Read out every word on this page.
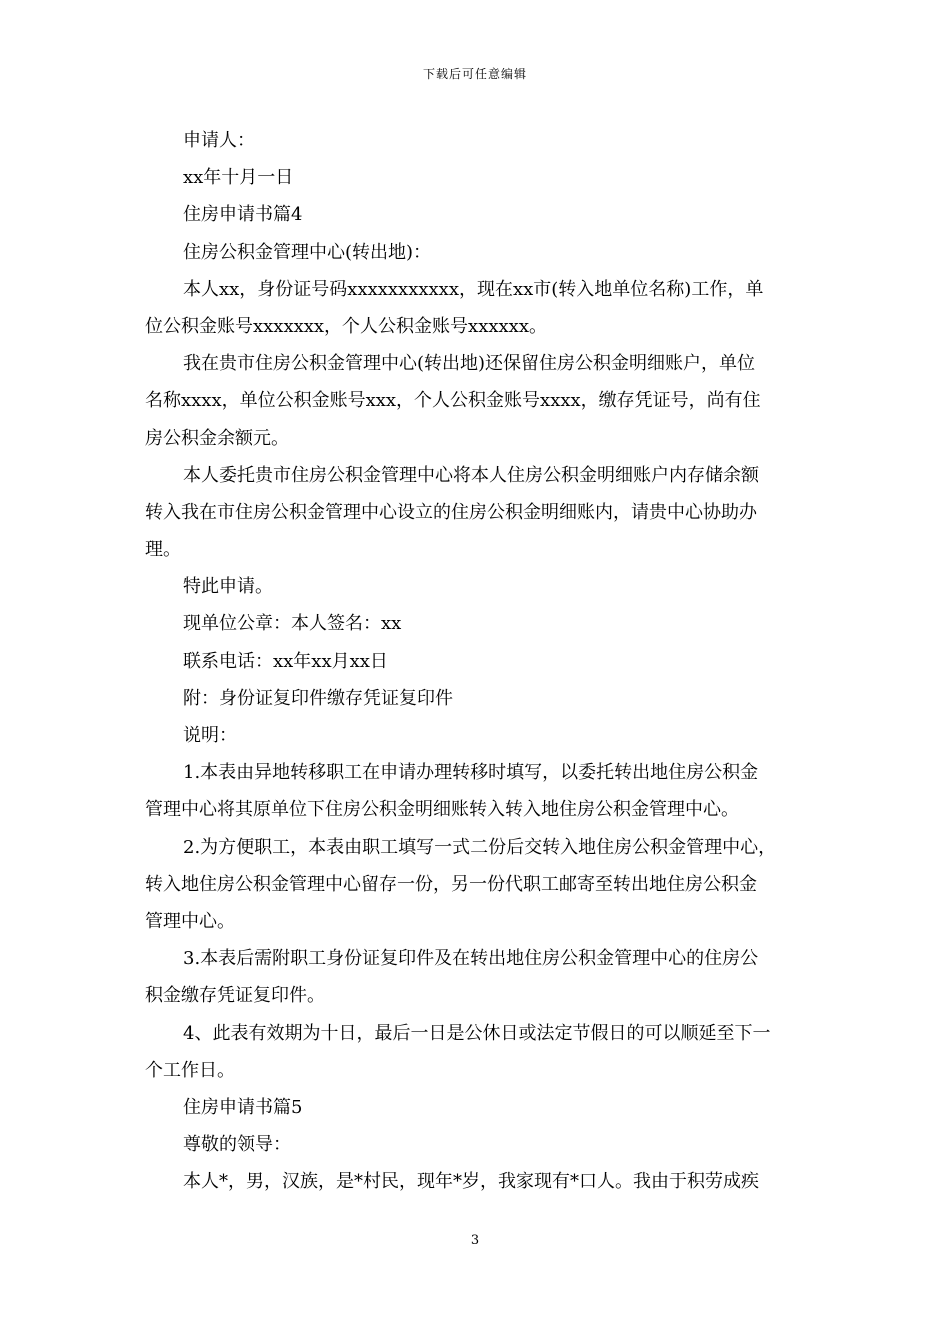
下载后可任意编辑
申请人：
xx年十月一日
住房申请书篇4
住房公积金管理中心(转出地)：
本人xx，身份证号码xxxxxxxxxxx，现在xx市(转入地单位名称)工作，单
位公积金账号xxxxxxx，个人公积金账号xxxxxx。
我在贵市住房公积金管理中心(转出地)还保留住房公积金明细账户，单位
名称xxxx，单位公积金账号xxx，个人公积金账号xxxx，缴存凭证号，尚有住
房公积金余额元。
本人委托贵市住房公积金管理中心将本人住房公积金明细账户内存储余额
转入我在市住房公积金管理中心设立的住房公积金明细账内，请贵中心协助办
理。
特此申请。
现单位公章：本人签名：xx
联系电话：xx年xx月xx日
附：身份证复印件缴存凭证复印件
说明：
1.本表由异地转移职工在申请办理转移时填写，以委托转出地住房公积金
管理中心将其原单位下住房公积金明细账转入转入地住房公积金管理中心。
2.为方便职工，本表由职工填写一式二份后交转入地住房公积金管理中心，
转入地住房公积金管理中心留存一份，另一份代职工邮寄至转出地住房公积金
管理中心。
3.本表后需附职工身份证复印件及在转出地住房公积金管理中心的住房公
积金缴存凭证复印件。
4、此表有效期为十日，最后一日是公休日或法定节假日的可以顺延至下一
个工作日。
住房申请书篇5
尊敬的领导：
本人*，男，汉族，是*村民，现年*岁，我家现有*口人。我由于积劳成疾
3
